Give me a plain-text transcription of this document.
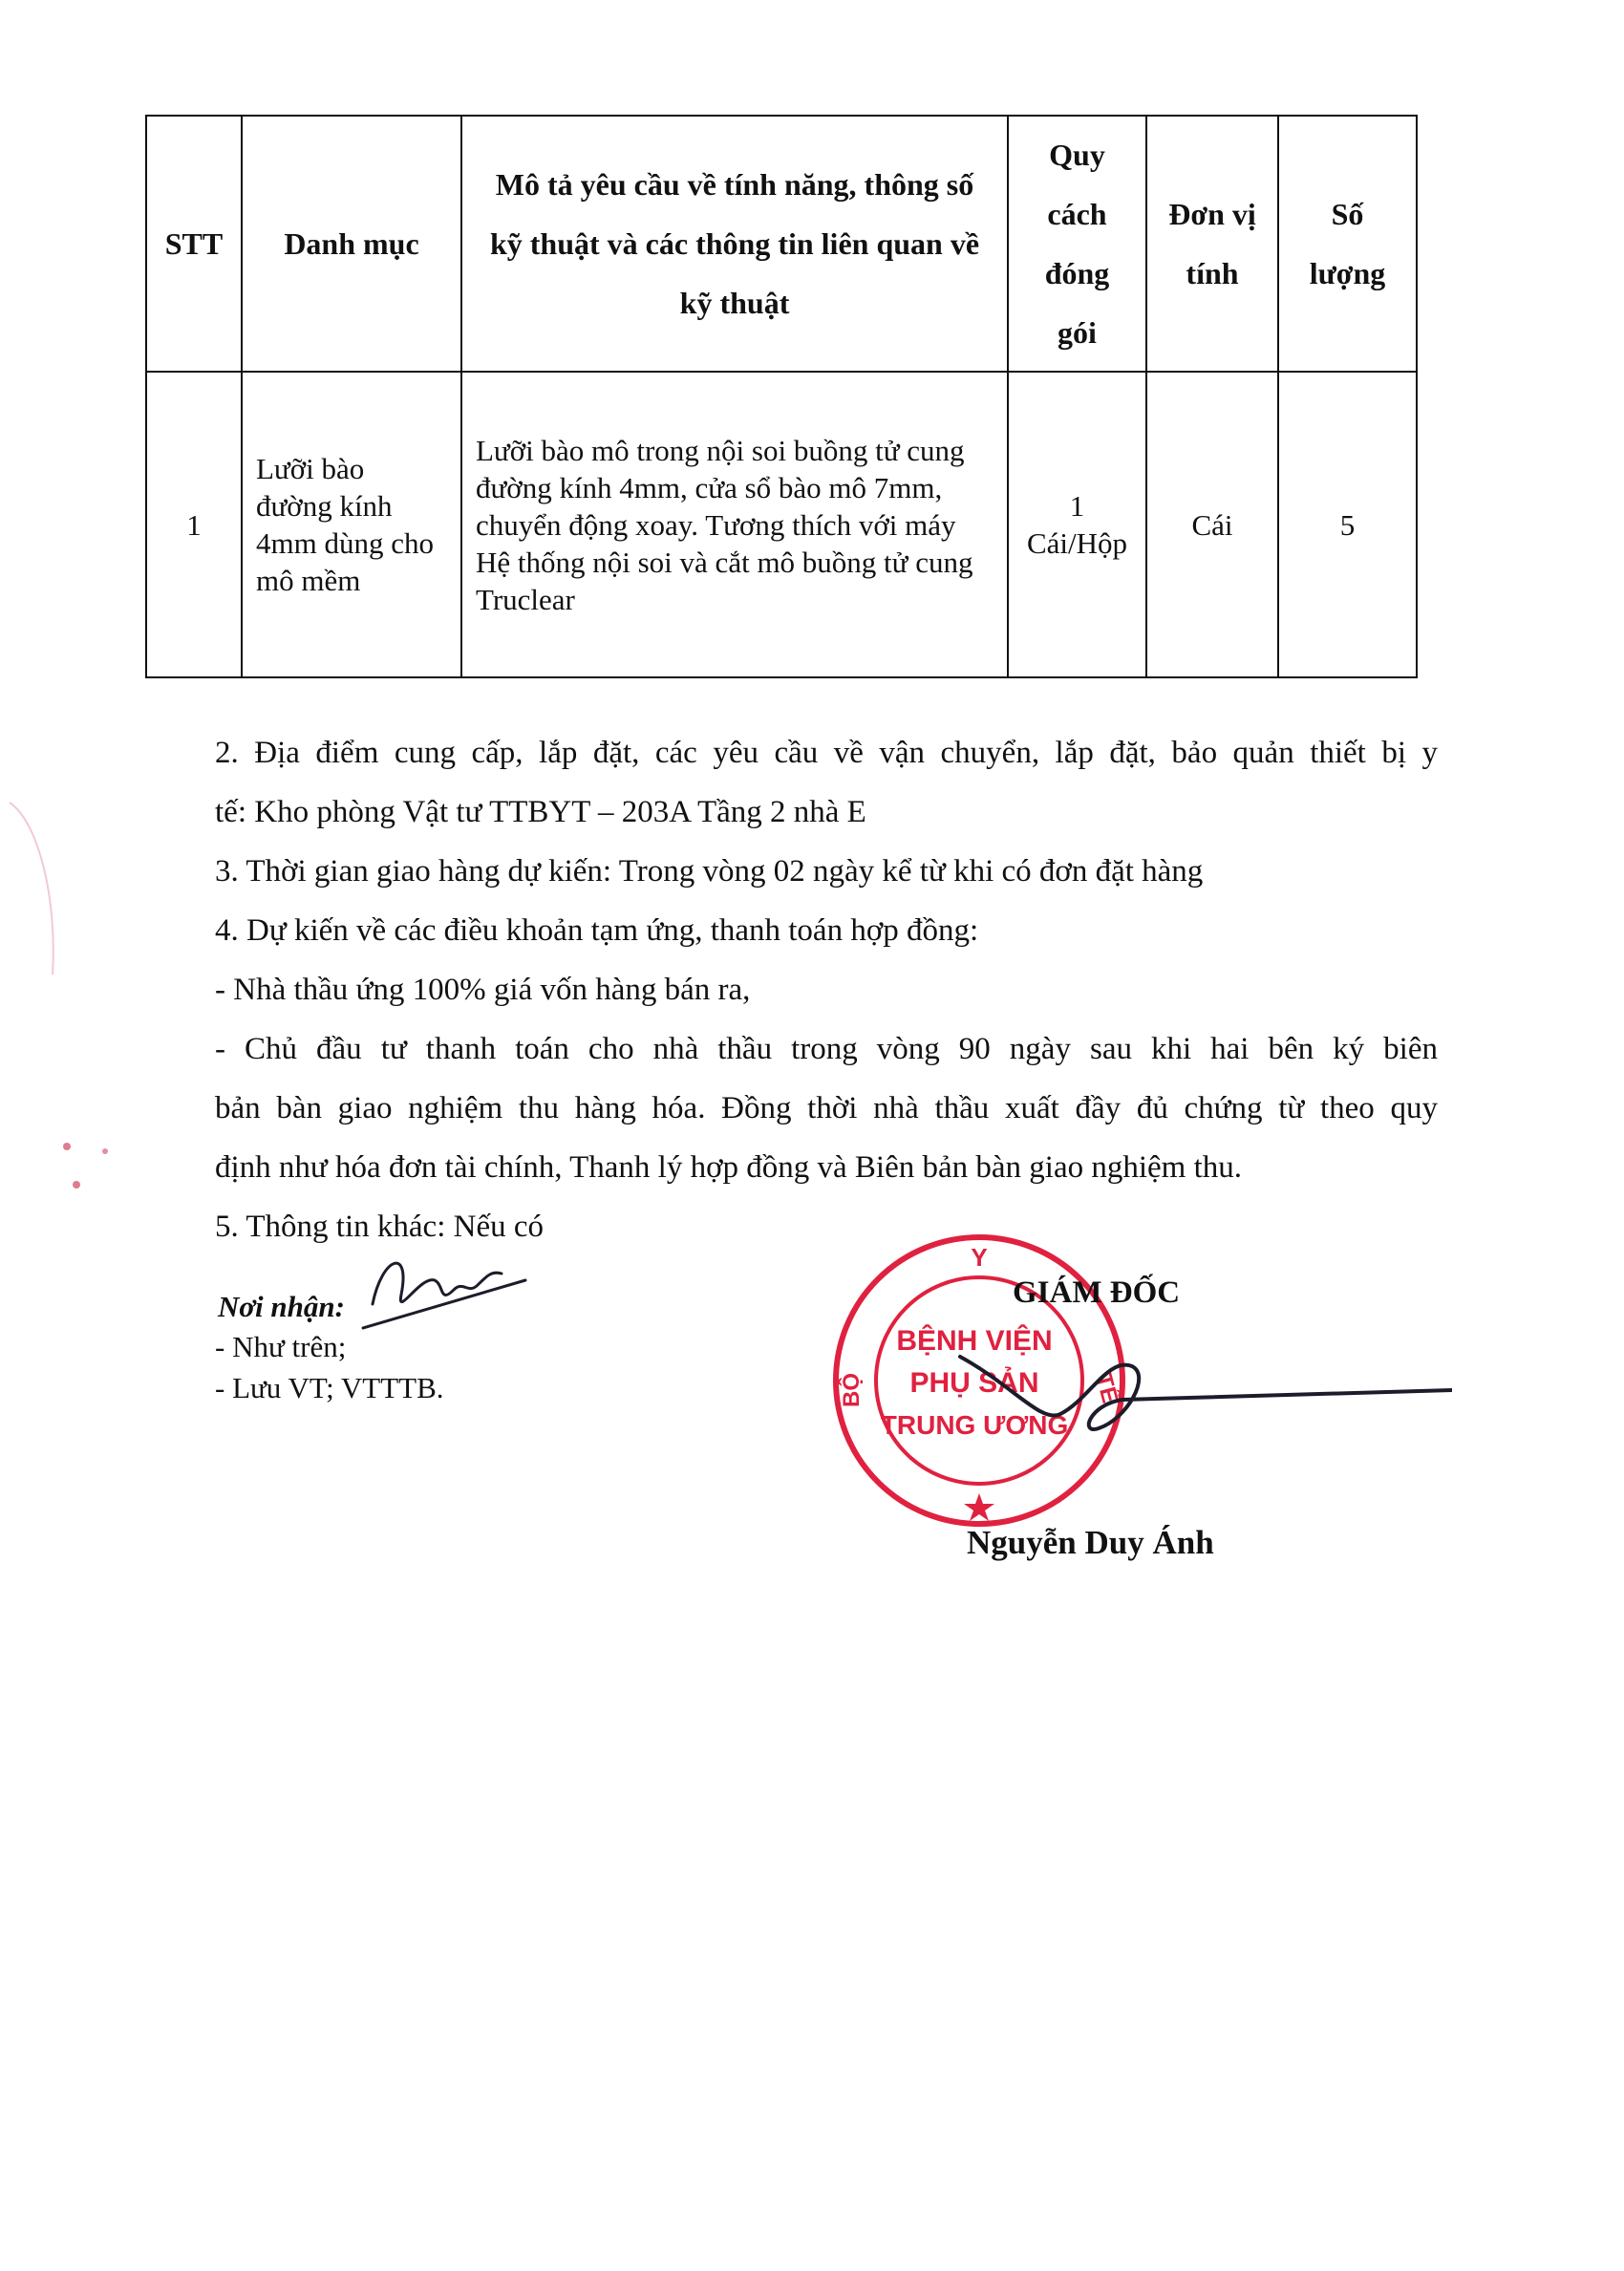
STT	Danh mục	Mô tả yêu cầu về tính năng, thông số kỹ thuật và các thông tin liên quan về kỹ thuật	Quy cách đóng gói	Đơn vị tính	Số lượng
1	Lưỡi bào đường kính 4mm dùng cho mô mềm	Lưỡi bào mô trong nội soi buồng tử cung đường kính 4mm, cửa sổ bào mô 7mm, chuyển động xoay. Tương thích với máy Hệ thống nội soi và cắt mô buồng tử cung Truclear	1 Cái/Hộp	Cái	5
2. Địa điểm cung cấp, lắp đặt, các yêu cầu về vận chuyển, lắp đặt, bảo quản thiết bị y
tế: Kho phòng Vật tư TTBYT – 203A Tầng 2 nhà E
3. Thời gian giao hàng dự kiến: Trong vòng 02 ngày kể từ khi có đơn đặt hàng
4. Dự kiến về các điều khoản tạm ứng, thanh toán hợp đồng:
- Nhà thầu ứng 100% giá vốn hàng bán ra,
- Chủ đầu tư thanh toán cho nhà thầu trong vòng 90 ngày sau khi hai bên ký biên
bản bàn giao nghiệm thu hàng hóa. Đồng thời nhà thầu xuất đầy đủ chứng từ theo quy
định như hóa đơn tài chính, Thanh lý hợp đồng và Biên bản bàn giao nghiệm thu.
5. Thông tin khác: Nếu có
Nơi nhận:
- Như trên;
- Lưu VT; VTTTB.
Y
BỘ	TẾ
BỆNH VIỆN
PHỤ SẢN
TRUNG ƯƠNG
GIÁM ĐỐC
Nguyễn Duy Ánh
